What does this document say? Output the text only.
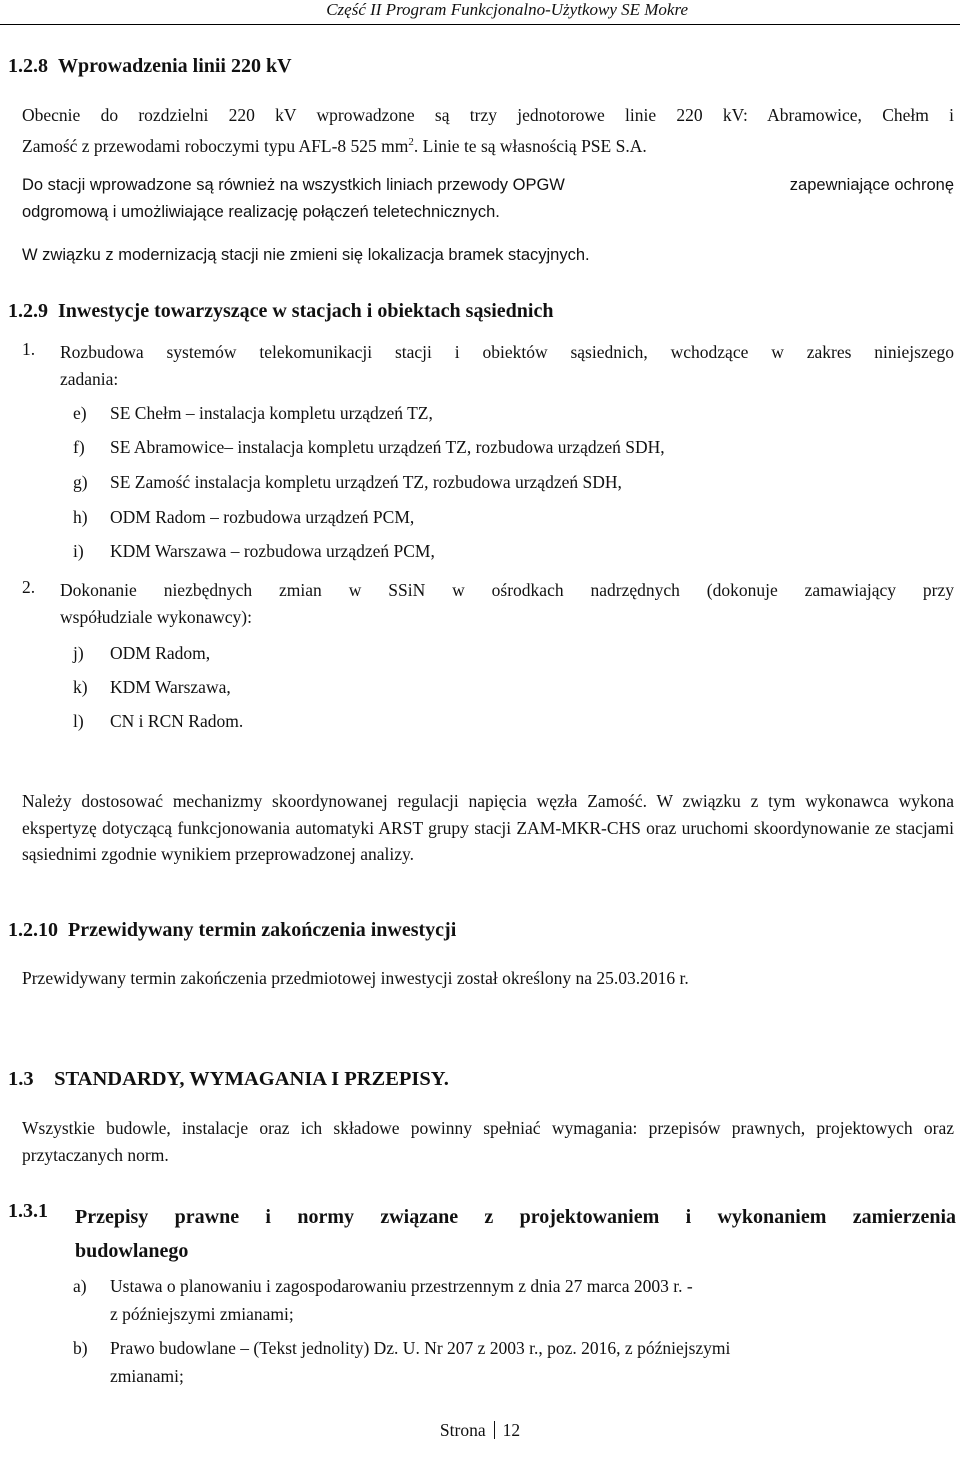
Część II Program Funkcjonalno-Użytkowy SE Mokre
1.2.8 Wprowadzenia linii 220 kV
Obecnie do rozdzielni 220 kV wprowadzone są trzy jednotorowe linie 220 kV: Abramowice, Chełm i
Zamość z przewodami roboczymi typu AFL-8 525 $mm^2$. Linie te są własnością PSE S.A.
Do stacji wprowadzone są również na wszystkich liniach przewody OPGW	zapewniające ochronę
odgromową i umożliwiające realizację połączeń teletechnicznych.
W związku z modernizacją stacji nie zmieni się lokalizacja bramek stacyjnych.
1.2.9 Inwestycje towarzyszące w stacjach i obiektach sąsiednich
1. Rozbudowa systemów telekomunikacji stacji i obiektów sąsiednich, wchodzące w zakres niniejszego
zadania:
e) SE Chełm – instalacja kompletu urządzeń TZ,
f) SE Abramowice– instalacja kompletu urządzeń TZ, rozbudowa urządzeń SDH,
g) SE Zamość instalacja kompletu urządzeń TZ, rozbudowa urządzeń SDH,
h) ODM Radom – rozbudowa urządzeń PCM,
i) KDM Warszawa – rozbudowa urządzeń PCM,
2. Dokonanie niezbędnych zmian w SSiN w ośrodkach nadrzędnych (dokonuje zamawiający przy
współudziale wykonawcy):
j) ODM Radom,
k) KDM Warszawa,
l) CN i RCN Radom.
Należy dostosować mechanizmy skoordynowanej regulacji napięcia węzła Zamość. W związku z tym wykonawca wykona ekspertyzę dotyczącą funkcjonowania automatyki ARST grupy stacji ZAM-MKR-CHS oraz uruchomi skoordynowanie ze stacjami sąsiednimi zgodnie wynikiem przeprowadzonej analizy.
1.2.10 Przewidywany termin zakończenia inwestycji
Przewidywany termin zakończenia przedmiotowej inwestycji został określony na 25.03.2016 r.
1.3 STANDARDY, WYMAGANIA I PRZEPISY.
Wszystkie budowle, instalacje oraz ich składowe powinny spełniać wymagania: przepisów prawnych, projektowych oraz przytaczanych norm.
1.3.1 Przepisy prawne i normy związane z projektowaniem i wykonaniem zamierzenia
budowlanego
a) Ustawa o planowaniu i zagospodarowaniu przestrzennym z dnia 27 marca 2003 r. -
z późniejszymi zmianami;
b) Prawo budowlane – (Tekst jednolity) Dz. U. Nr 207 z 2003 r., poz. 2016, z późniejszymi
zmianami;
Strona 12
